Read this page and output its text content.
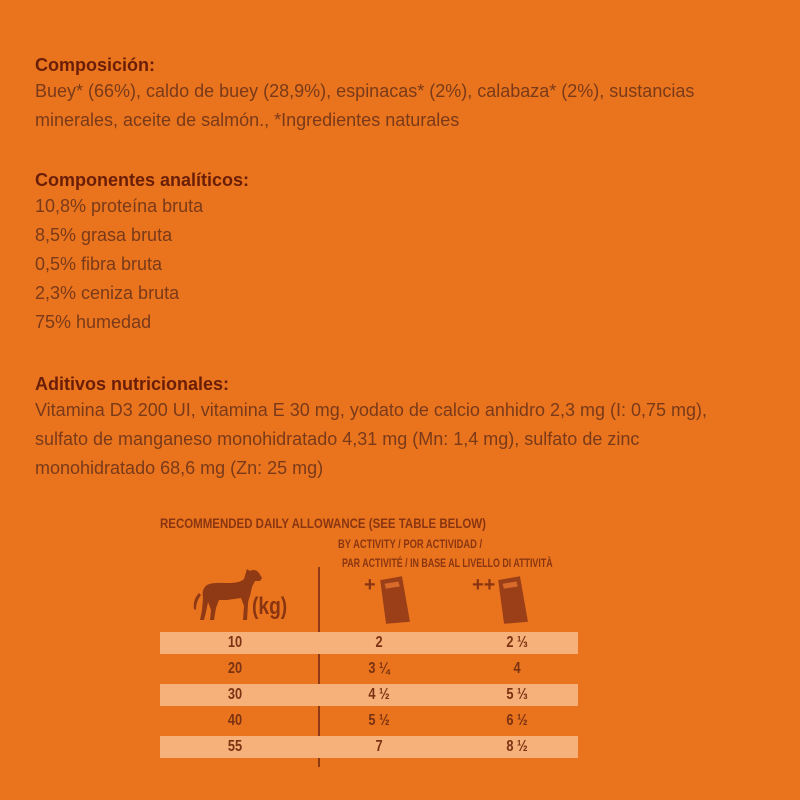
Composición:
Buey* (66%), caldo de buey (28,9%), espinacas* (2%), calabaza* (2%), sustancias
minerales, aceite de salmón., *Ingredientes naturales
Componentes analíticos:
10,8% proteína bruta
8,5% grasa bruta
0,5% fibra bruta
2,3% ceniza bruta
75% humedad
Aditivos nutricionales:
Vitamina D3 200 UI, vitamina E 30 mg, yodato de calcio anhidro 2,3 mg (I: 0,75 mg),
sulfato de manganeso monohidratado 4,31 mg (Mn: 1,4 mg), sulfato de zinc
monohidratado 68,6 mg (Zn: 25 mg)
RECOMMENDED DAILY ALLOWANCE (SEE TABLE BELOW)
BY ACTIVITY / POR ACTIVIDAD /
PAR ACTIVITÉ / IN BASE AL LIVELLO DI ATTIVITÀ
(kg)
+	++
10	2	2 ⅓
20	3 ¼	4
30	4 ½	5 ⅓
40	5 ½	6 ½
55	7	8 ½
